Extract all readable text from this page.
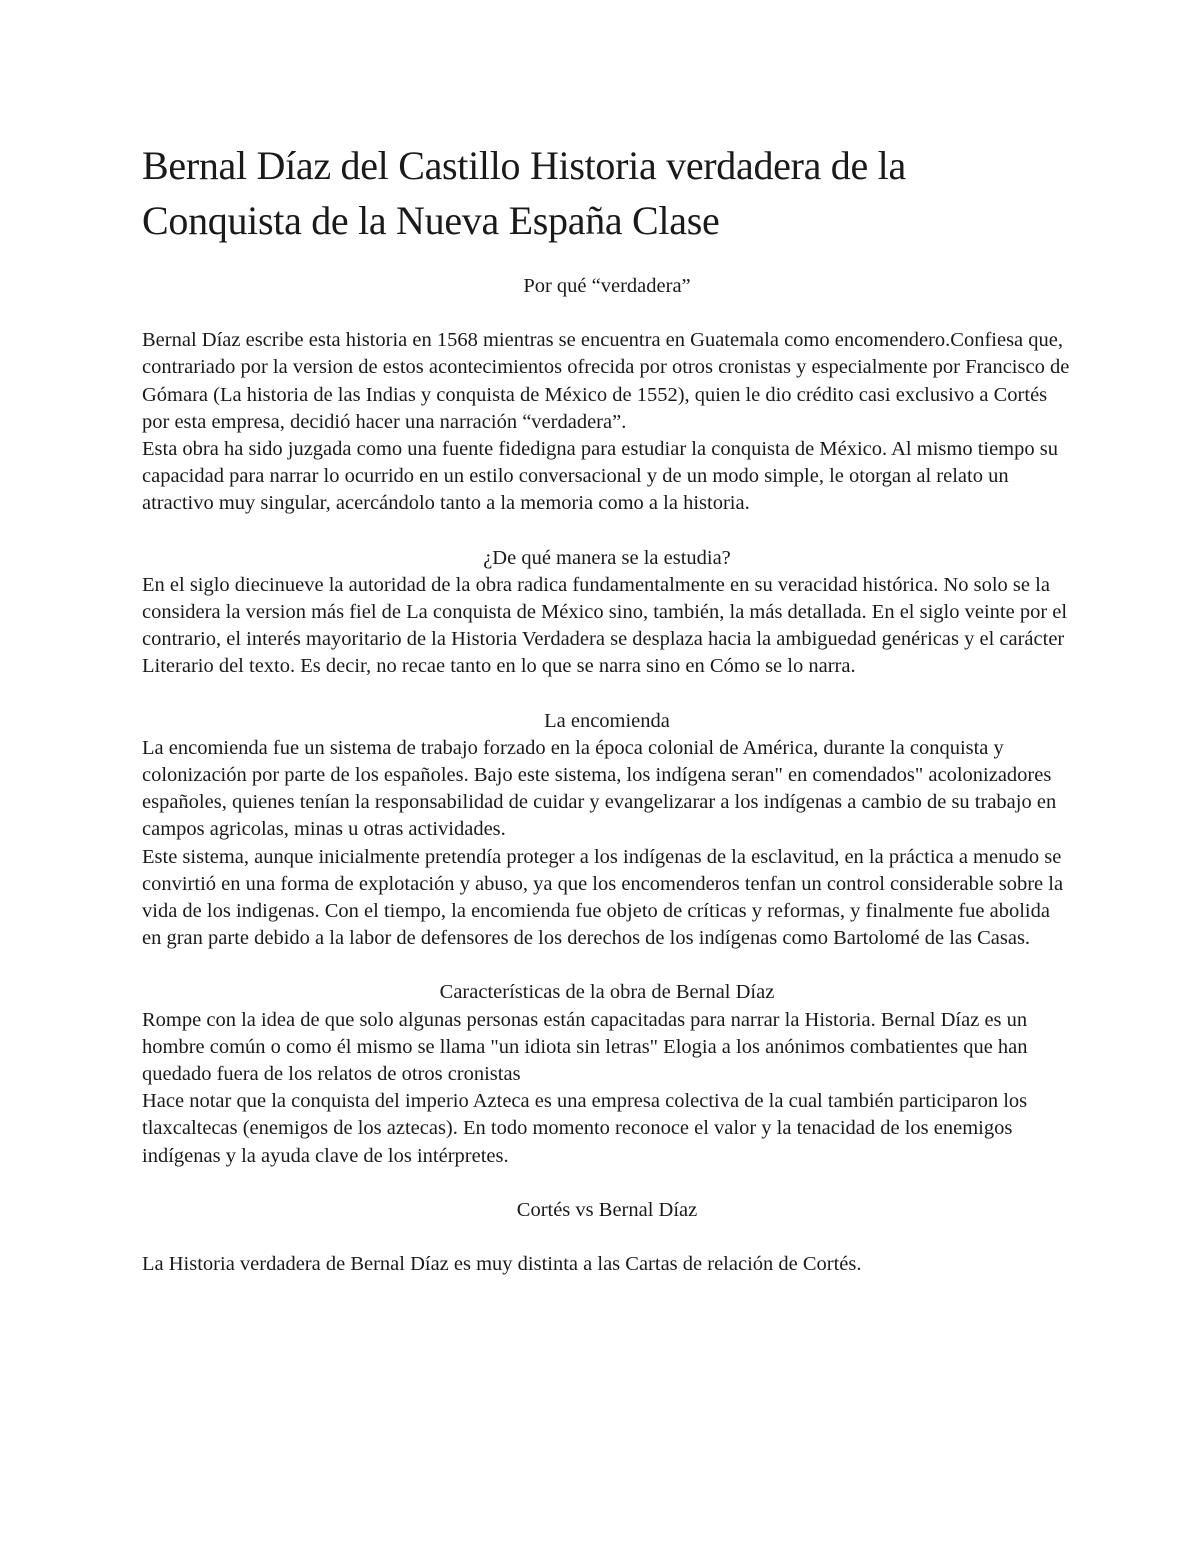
Bernal Díaz del Castillo Historia verdadera de la Conquista de la Nueva España Clase

Por qué “verdadera”

Bernal Díaz escribe esta historia en 1568 mientras se encuentra en Guatemala como encomendero.Confiesa que, contrariado por la version de estos acontecimientos ofrecida por otros cronistas y especialmente por Francisco de Gómara (La historia de las Indias y conquista de México de 1552), quien le dio crédito casi exclusivo a Cortés por esta empresa, decidió hacer una narración “verdadera”.

Esta obra ha sido juzgada como una fuente fidedigna para estudiar la conquista de México. Al mismo tiempo su capacidad para narrar lo ocurrido en un estilo conversacional y de un modo simple, le otorgan al relato un atractivo muy singular, acercándolo tanto a la memoria como a la historia.

¿De qué manera se la estudia?

En el siglo diecinueve la autoridad de la obra radica fundamentalmente en su veracidad histórica. No solo se la considera la version más fiel de La conquista de México sino, también, la más detallada. En el siglo veinte por el contrario, el interés mayoritario de la Historia Verdadera se desplaza hacia la ambiguedad genéricas y el carácter Literario del texto. Es decir, no recae tanto en lo que se narra sino en Cómo se lo narra.

La encomienda

La encomienda fue un sistema de trabajo forzado en la época colonial de América, durante la conquista y colonización por parte de los españoles. Bajo este sistema, los indígena seran" en comendados" acolonizadores españoles, quienes tenían la responsabilidad de cuidar y evangelizarar a los indígenas a cambio de su trabajo en campos agricolas, minas u otras actividades.

Este sistema, aunque inicialmente pretendía proteger a los indígenas de la esclavitud, en la práctica a menudo se convirtió en una forma de explotación y abuso, ya que los encomenderos tenfan un control considerable sobre la vida de los indigenas. Con el tiempo, la encomienda fue objeto de críticas y reformas, y finalmente fue abolida en gran parte debido a la labor de defensores de los derechos de los indígenas como Bartolomé de las Casas.

Características de la obra de Bernal Díaz

Rompe con la idea de que solo algunas personas están capacitadas para narrar la Historia. Bernal Díaz es un hombre común o como él mismo se llama "un idiota sin letras" Elogia a los anónimos combatientes que han quedado fuera de los relatos de otros cronistas

Hace notar que la conquista del imperio Azteca es una empresa colectiva de la cual también participaron los tlaxcaltecas (enemigos de los aztecas). En todo momento reconoce el valor y la tenacidad de los enemigos indígenas y la ayuda clave de los intérpretes.

Cortés vs Bernal Díaz

La Historia verdadera de Bernal Díaz es muy distinta a las Cartas de relación de Cortés.
